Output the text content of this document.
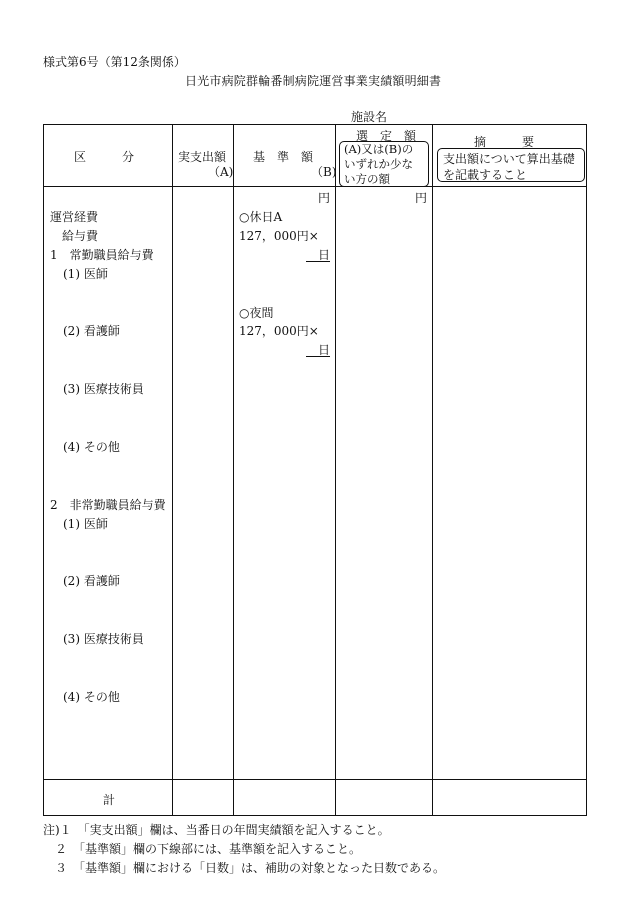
様式第6号（第12条関係）
日光市病院群輪番制病院運営事業実績額明細書
施設名
区　　　分	実支出額
（A)
基　準　額
（B)
選　定　額
(A)又は(B)の
いずれか少な
い方の額
摘　　　要
支出額について算出基礎
を記載すること
円	円
運営経費
給与費
1　常勤職員給与費
(1) 医師
(2) 看護師
(3) 医療技術員
(4) その他
2　非常勤職員給与費
(1) 医師
(2) 看護師
(3) 医療技術員
(4) その他
計
○休日A
127，000円×
日
○夜間
127，000円×
日
注)１　「実支出額」欄は、当番日の年間実績額を記入すること。
　２　「基準額」欄の下線部には、基準額を記入すること。
　３　「基準額」欄における「日数」は、補助の対象となった日数である。
